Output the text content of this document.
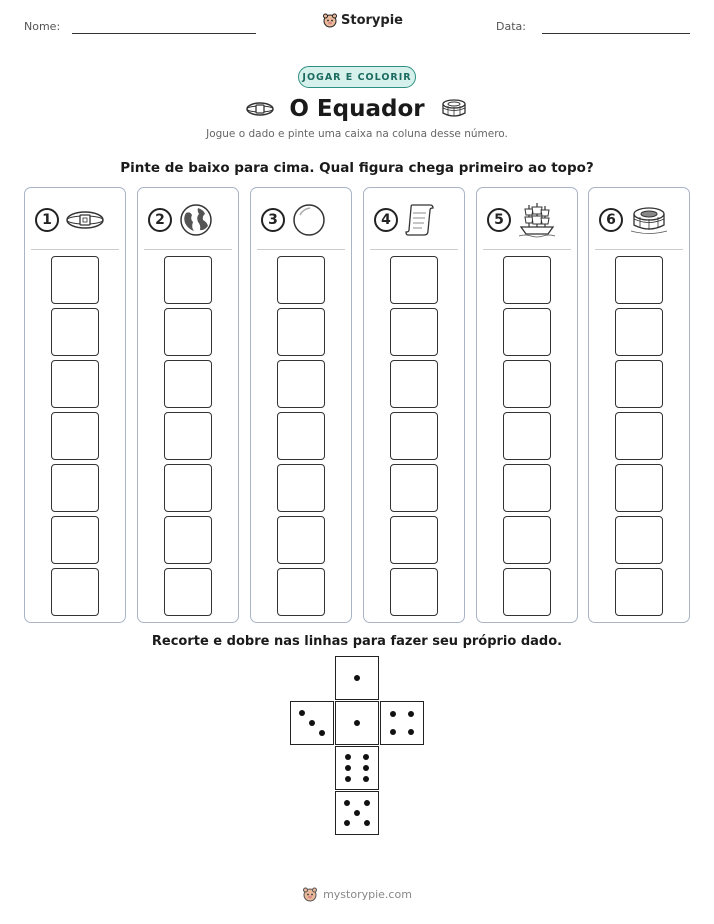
Nome:	Storypie	Data:
JOGAR E COLORIR
O Equador
Jogue o dado e pinte uma caixa na coluna desse número.
Pinte de baixo para cima. Qual figura chega primeiro ao topo?
1	2	3	4	5	6
Recorte e dobre nas linhas para fazer seu próprio dado.
mystorypie.com
